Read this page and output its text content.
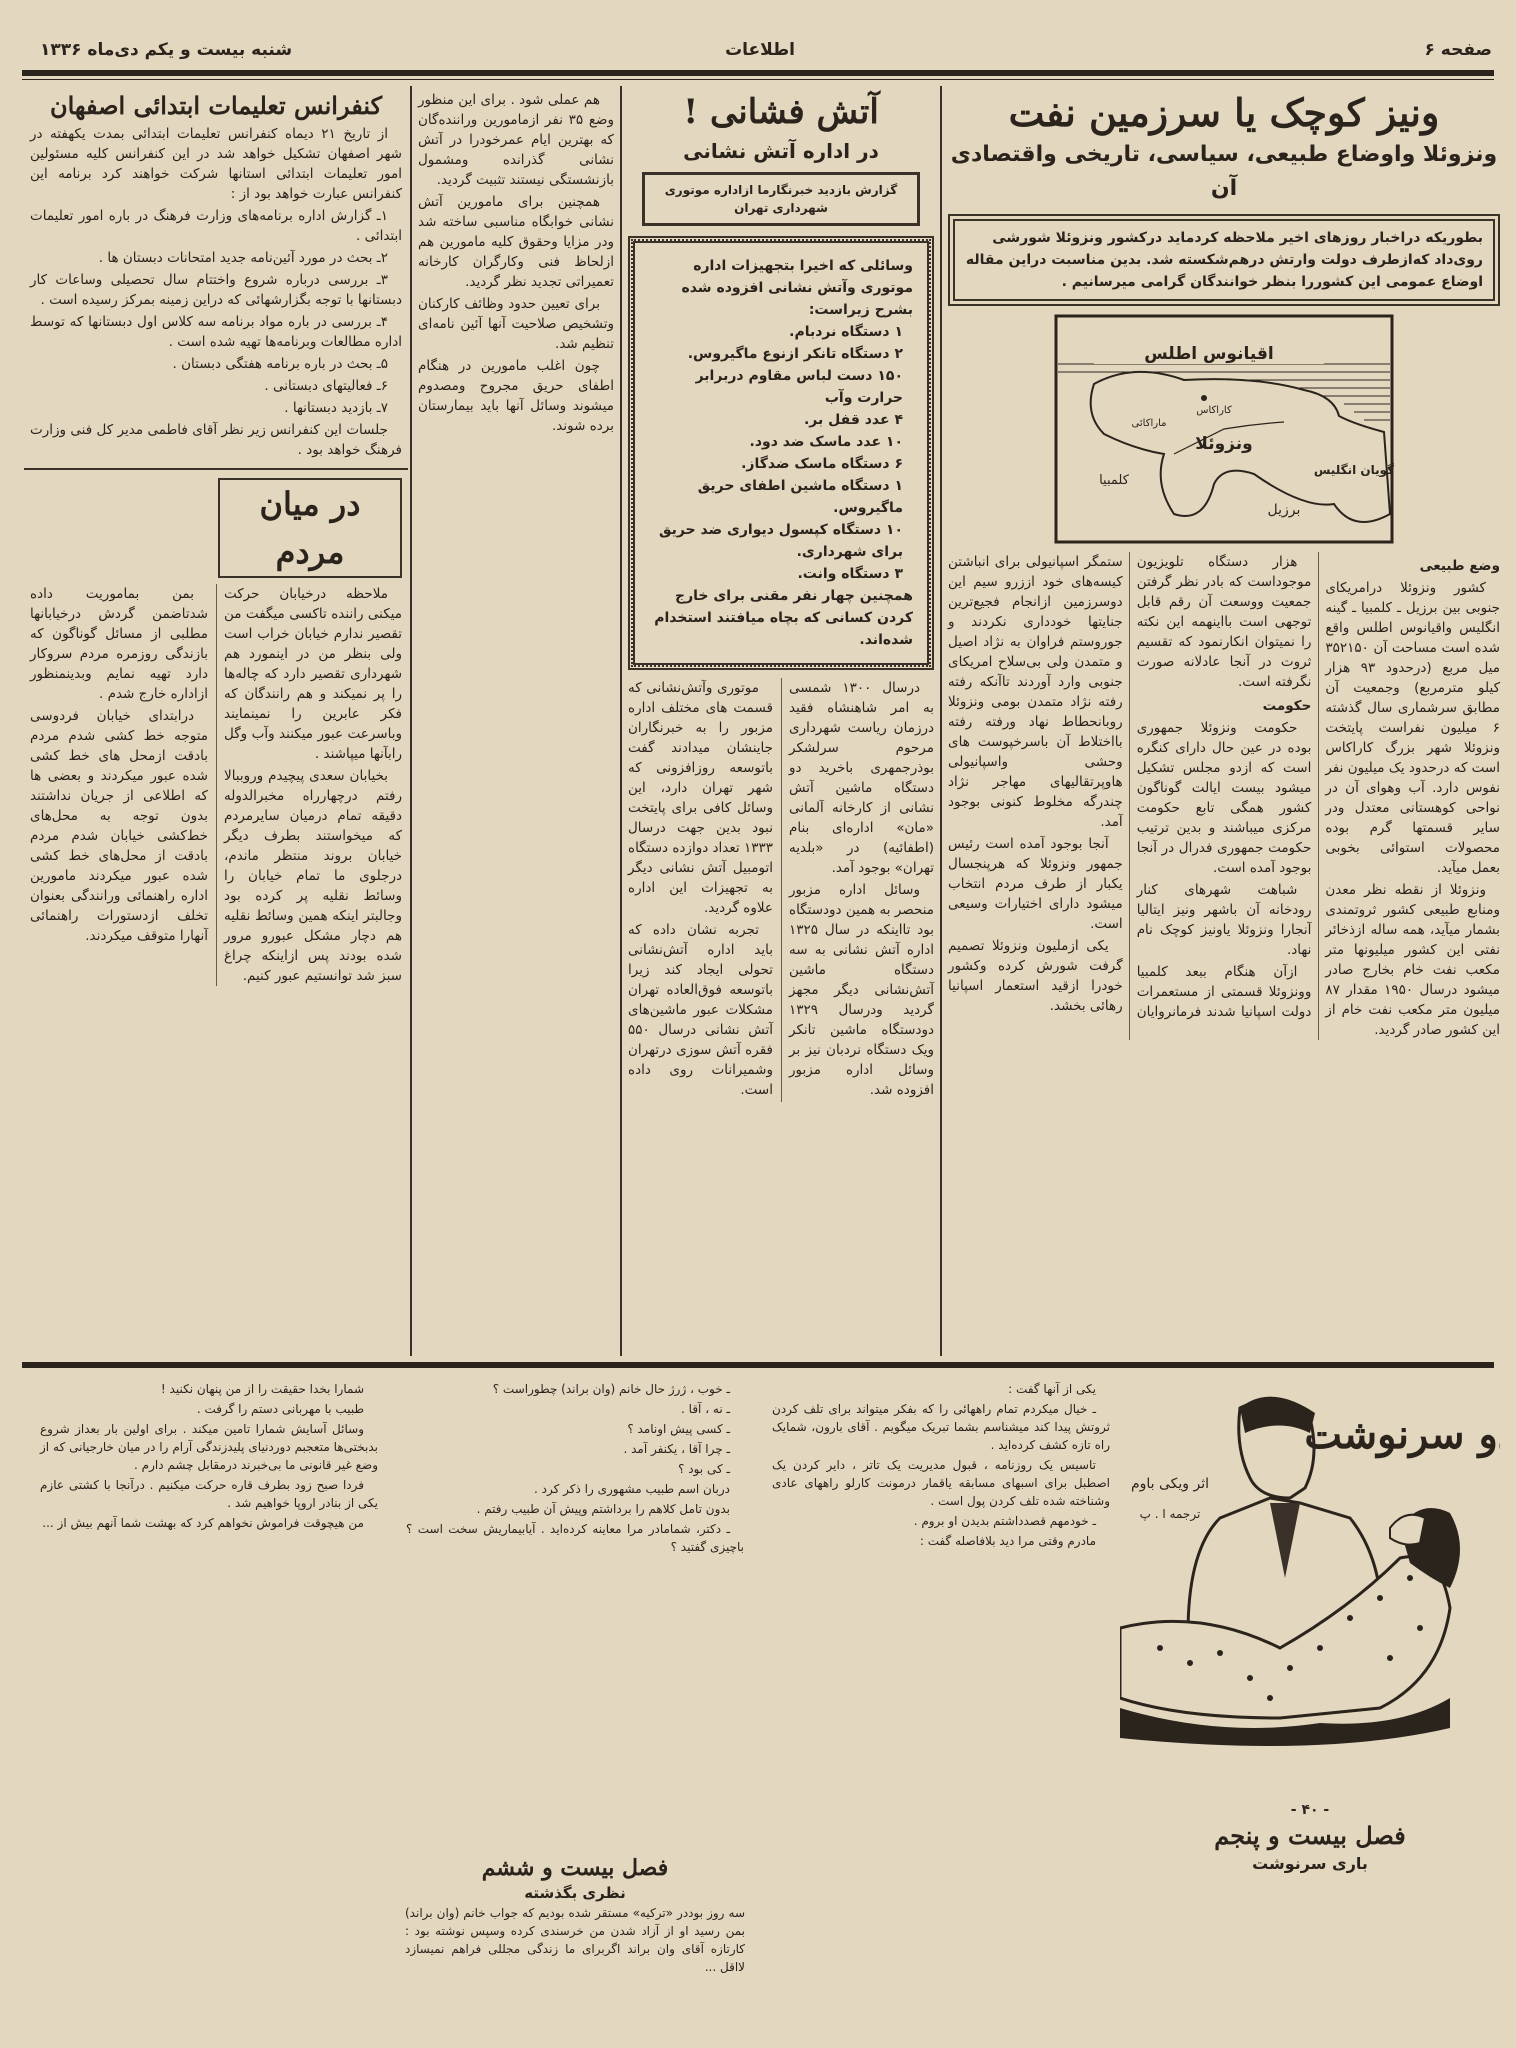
صفحه ۶
اطلاعات
شنبه بیست و یکم دی‌ماه ۱۳۳۶
ونیز کوچک یا سرزمین نفت
ونزوئلا واوضاع طبیعی، سیاسی، تاریخی واقتصادی آن
بطوریکه دراخبار روزهای اخیر ملاحظه کردماید درکشور ونزوئلا شورشی روی‌داد که‌ازطرف دولت وارتش درهم‌شکسته شد. بدین مناسبت دراین مقاله اوضاع عمومی این کشوررا بنظر خوانندگان گرامی میرسانیم .
اقیانوس اطلس
ونزوئلا
کاراکاس
ماراکائی
کلمبیا
برزیل
گویان انگلیس

وضع طبیعی

کشور ونزوئلا درامریکای جنوبی بین برزیل ـ کلمبیا ـ گینه انگلیس واقیانوس اطلس واقع شده است مساحت آن ۳۵۲۱۵۰ میل مربع (درحدود ۹۳ هزار کیلو مترمربع) وجمعیت آن مطابق سرشماری سال گذشته ۶ میلیون نفراست پایتخت ونزوئلا شهر بزرگ کاراکاس است که درحدود یک میلیون نفر نفوس دارد. آب وهوای آن در نواحی کوهستانی معتدل ودر سایر قسمتها گرم بوده محصولات استوائی بخوبی بعمل میآید.

ونزوئلا از نقطه نظر معدن ومنابع طبیعی کشور ثروتمندی بشمار میآید، همه ساله ازذخائر نفتی این کشور میلیونها متر مکعب نفت خام بخارج صادر میشود درسال ۱۹۵۰ مقدار ۸۷ میلیون متر مکعب نفت خام از این کشور صادر گردید.

هزار دستگاه تلویزیون موجوداست که بادر نظر گرفتن جمعیت ووسعت آن رقم قابل توجهی است بااینهمه این نکته را نمیتوان انکارنمود که تقسیم ثروت در آنجا عادلانه صورت نگرفته است.

حکومت

حکومت ونزوئلا جمهوری بوده در عین حال دارای کنگره است که ازدو مجلس تشکیل میشود بیست ایالت گوناگون کشور همگی تابع حکومت مرکزی میباشند و بدین ترتیب حکومت جمهوری فدرال در آنجا بوجود آمده است.

شباهت شهرهای کنار رودخانه آن باشهر ونیز ایتالیا آنجارا ونزوئلا یاونیز کوچک نام نهاد.

ازآن هنگام ببعد کلمبیا وونزوئلا قسمتی از مستعمرات دولت اسپانیا شدند فرمانروایان ستمگر اسپانیولی برای انباشتن کیسه‌های خود اززرو سیم این دوسرزمین ازانجام فجیع‌ترین جنایتها خودداری نکردند و جوروستم فراوان به نژاد اصیل و متمدن ولی بی‌سلاح امریکای جنوبی وارد آوردند تاآنکه رفته رفته نژاد متمدن بومی ونزوئلا روبانحطاط نهاد ورفته رفته بااختلاط آن باسرخپوست های وحشی واسپانیولی هاوپرتقالیهای مهاجر نژاد چندرگه مخلوط کنونی بوجود آمد.

آنجا بوجود آمده است رئیس جمهور ونزوئلا که هرپنجسال یکبار از طرف مردم انتخاب میشود دارای اختیارات وسیعی است.

یکی ازملیون ونزوئلا تصمیم گرفت شورش کرده وکشور خودرا ازقید استعمار اسپانیا رهائی بخشد.

آتش فشانی !
در اداره آتش نشانی
گزارش بازدید خبرنگارما ازاداره موتوری شهرداری تهران

وسائلی که اخیرا بتجهیزات اداره موتوری وآتش نشانی افزوده شده بشرح زیراست:

۱ دستگاه نردبام.

۲ دستگاه تانکر ازنوع ماگیروس.

۱۵۰ دست لباس مقاوم دربرابر حرارت وآب

۴ عدد قفل بر.

۱۰ عدد ماسک ضد دود.

۶ دستگاه ماسک ضدگاز.

۱ دستگاه ماشین اطفای حریق ماگیروس.

۱۰ دستگاه کپسول دیواری ضد حریق برای شهرداری.

۳ دستگاه وانت.

همچنین چهار نفر مقنی برای خارج کردن کسانی که بچاه میافتند استخدام شده‌اند.

درسال ۱۳۰۰ شمسی به امر شاهنشاه فقید درزمان ریاست شهرداری مرحوم سرلشکر بوذرجمهری باخرید دو دستگاه ماشین آتش نشانی از کارخانه آلمانی «مان» اداره‌ای بنام (اطفائیه) در «بلدیه تهران» بوجود آمد.

وسائل اداره مزبور منحصر به همین دودستگاه بود تااینکه در سال ۱۳۲۵ اداره آتش نشانی به سه دستگاه ماشین آتش‌نشانی دیگر مجهز گردید ودرسال ۱۳۲۹ دودستگاه ماشین تانکر ویک دستگاه نردبان نیز بر وسائل اداره مزبور افزوده شد.

موتوری وآتش‌نشانی که قسمت های مختلف اداره مزبور را به خبرنگاران جاینشان میدادند گفت باتوسعه روزافزونی که شهر تهران دارد، این وسائل کافی برای پایتخت نبود بدین جهت درسال ۱۳۳۳ تعداد دوازده دستگاه اتومبیل آتش نشانی دیگر به تجهیزات این اداره علاوه گردید.

تجربه نشان داده که باید اداره آتش‌نشانی تحولی ایجاد کند زیرا باتوسعه فوق‌العاده تهران مشکلات عبور ماشین‌های آتش نشانی درسال ۵۵۰ فقره آتش سوزی درتهران وشمیرانات روی داده است.

هم عملی شود . برای این منظور وضع ۳۵ نفر ازمامورین وراننده‌گان که بهترین ایام عمرخودرا در آتش نشانی گذرانده ومشمول بازنشستگی نیستند تثبیت گردید.

همچنین برای مامورین آتش نشانی خوابگاه مناسبی ساخته شد ودر مزایا وحقوق کلیه مامورین هم ازلحاظ فنی وکارگران کارخانه تعمیراتی تجدید نظر گردید.

برای تعیین حدود وظائف کارکنان وتشخیص صلاحیت آنها آئین نامه‌ای تنظیم شد.

چون اغلب مامورین در هنگام اطفای حریق مجروح ومصدوم میشوند وسائل آنها باید بیمارستان برده شوند.

کنفرانس تعلیمات ابتدائی اصفهان

از تاریخ ۲۱ دیماه کنفرانس تعلیمات ابتدائی بمدت یکهفته در شهر اصفهان تشکیل خواهد شد در این کنفرانس کلیه مسئولین امور تعلیمات ابتدائی استانها شرکت خواهند کرد برنامه این کنفرانس عبارت خواهد بود از :

۱ـ گزارش اداره برنامه‌های وزارت فرهنگ در باره امور تعلیمات ابتدائی .

۲ـ بحث در مورد آئین‌نامه جدید امتحانات دبستان ها .

۳ـ بررسی درباره شروع واختتام سال تحصیلی وساعات کار دبستانها با توجه بگزارشهائی که دراین زمینه بمرکز رسیده است .

۴ـ بررسی در باره مواد برنامه سه کلاس اول دبستانها که توسط اداره مطالعات وبرنامه‌ها تهیه شده است .

۵ـ بحث در باره برنامه هفتگی دبستان .

۶ـ فعالیتهای دبستانی .

۷ـ بازدید دبستانها .

جلسات این کنفرانس زیر نظر آقای فاطمی مدیر کل فنی وزارت فرهنگ خواهد بود .

در میان مردم

ملاحظه درخیابان حرکت میکنی راننده تاکسی میگفت من تقصیر ندارم خیابان خراب است ولی بنظر من در اینمورد هم شهرداری تقصیر دارد که چاله‌ها را پر نمیکند و هم رانندگان که فکر عابرین را نمینمایند وباسرعت عبور میکنند وآب وگل رابآنها میپاشند .

بخیابان سعدی پیچیدم وروببالا رفتم درچهارراه مخبرالدوله دقیقه تمام درمیان سایرمردم که میخواستند بطرف دیگر خیابان بروند منتظر ماندم، درجلوی ما تمام خیابان را وسائط نقلیه پر کرده بود وجالبتر اینکه همین وسائط نقلیه هم دچار مشکل عبورو مرور شده بودند پس ازاینکه چراغ سبز شد توانستیم عبور کنیم.

بمن بماموریت داده شدتاضمن گردش درخیابانها مطلبی از مسائل گوناگون که بازندگی روزمره مردم سروکار دارد تهیه نمایم وبدینمنظور ازاداره خارج شدم .

درابتدای خیابان فردوسی متوجه خط کشی شدم مردم بادقت ازمحل های خط کشی شده عبور میکردند و بعضی ها که اطلاعی از جریان نداشتند بدون توجه به محل‌های خط‌کشی خیابان شدم مردم بادقت از محل‌های خط کشی شده عبور میکردند مامورین اداره راهنمائی ورانندگی بعنوان تخلف ازدستورات راهنمائی آنهارا متوقف میکردند.

دو سرنوشت
اثر ویکی باوم
ترجمه ا . پ
- ۴۰ -
فصل بیست و پنجم
باری سرنوشت

یکی از آنها گفت :

ـ خیال میکردم تمام راههائی را که بفکر میتواند برای تلف کردن ثروتش پیدا کند میشناسم بشما تبریک میگویم . آقای بارون، شمایک راه تازه کشف کرده‌اید .

تاسیس یک روزنامه ، قبول مدیریت یک تاتر ، دایر کردن یک اصطبل برای اسبهای مسابقه یاقمار درمونت کارلو راههای عادی وشناخته شده تلف کردن پول است .

ـ خودمهم قصدداشتم بدیدن او بروم .

مادرم وقتی مرا دید بلافاصله گفت :

ـ خوب ، ژرژ حال خانم (وان براند) چطوراست ؟

ـ نه ، آقا .

ـ کسی پیش اونامد ؟

ـ چرا آقا ، یکنفر آمد .

ـ کی بود ؟

دربان اسم طبیب مشهوری را ذکر کرد .

بدون تامل کلاهم را برداشتم وپیش آن طبیب رفتم .

ـ دکتر، شمامادر مرا معاینه کرده‌اید . آیابیماریش سخت است ؟ باچیزی گفتید ؟

شمارا بخدا حقیقت را از من پنهان نکنید !

طبیب با مهربانی دستم را گرفت .

وسائل آسایش شمارا تامین میکند . برای اولین بار بعداز شروع بدبختی‌ها متعجبم دوردنیای پلیدزندگی آرام را در میان خارجیانی که از وضع غیر قانونی ما بی‌خبرند درمقابل چشم دارم .

فردا صبح زود بطرف قاره حرکت میکنیم . درآنجا با کشتی عازم یکی از بنادر اروپا خواهیم شد .

من هیچوقت فراموش نخواهم کرد که بهشت شما آنهم بیش از ...

فصل بیست و ششم
نظری بگذشته

سه روز بوددر «ترکیه» مستقر شده بودیم که جواب خانم (وان براند) بمن رسید او از آزاد شدن من خرسندی کرده وسپس نوشته بود : کارتازه آقای وان براند اگربرای ما زندگی مجللی فراهم نمیسازد لااقل ...
